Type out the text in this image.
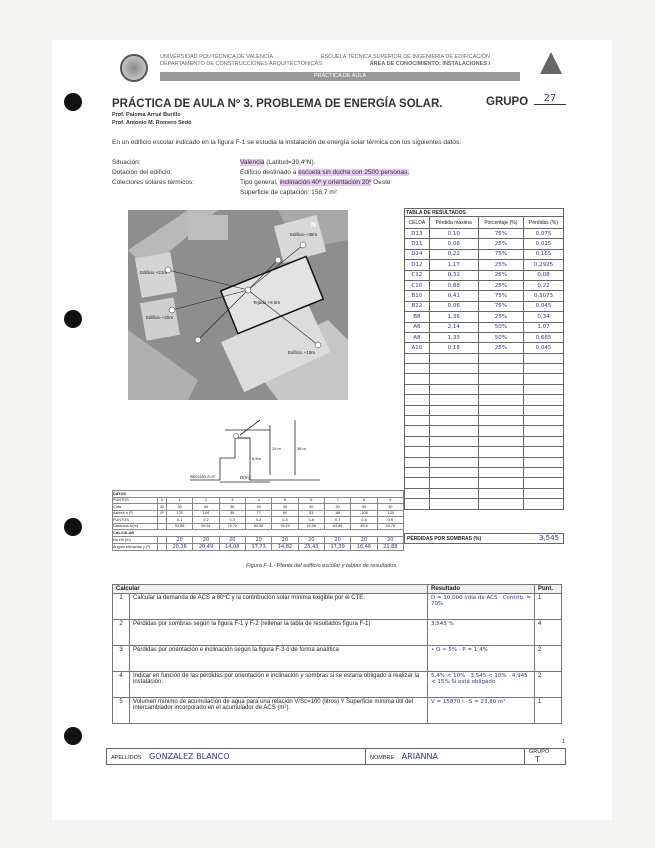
UNIVERSIDAD POLITÉCNICA DE VALENCIA
DEPARTAMENTO DE CONSTRUCCIONES ARQUITECTÓNICAS
ESCUELA TÉCNICA SUPERIOR DE INGENIERÍA DE EDIFICACIÓN
ÁREA DE CONOCIMIENTO: INSTALACIONES I
PRÁCTICA DE AULA
PRÁCTICA DE AULA Nº 3. PROBLEMA DE ENERGÍA SOLAR.	GRUPO	27
Prof. Paloma Arrué Burillo
Prof. Antonio M. Romero Sedó
En un edificio escolar indicado en la figura F-1 se estudia la instalación de energía solar térmica con los siguientes datos:
Situación:	Valencia (Latitud=39,4ºN).
Dotación del edificio:	Edificio destinado a escuela sin ducha con 2500 personas.
Colectores solares térmicos:	Tipo general, inclinación 40º y orientación 20º Oeste
Superficie de captación: 158,7 m²
N
Edificio +21m
Edificio +20m
Edificio +38m
Edificio +19m
Tejado +8,5m
Sección A-A'	D(m)
8,5m
19 m	38 m
TABLA DE RESULTADOS			
CELDA	Pérdida máxima	Porcentaje (%)	Pérdidas (%)
D13	0,10	75%	0,075
D11	0,06	25%	0,015
D14	0,22	75%	0,165
D12	1,17	25%	0,2925
C12	0,32	25%	0,08
C10	0,88	25%	0,22
B10	0,41	75%	0,3075
B12	0,06	75%	0,045
B8	1,36	25%	0,34
A6	2,14	50%	1,07
A8	1,33	50%	0,665
A10	0,18	25%	0,045

PÉRDIDAS POR SOMBRAS (%)	3,545
DATOS										
PUNTOS	0	1	2	3	4	5	6	7	8	9
Cota	32	30	30	30	30	30	30	30	30	30
Azimut α (º)	0º	120	104	85	77	60	53	-86	-106	-120
PUNTOS		0-1	0-2	0-3	0-4	0-5	0-6	0-7	0-8	0-9
Distancia D(m)		53,88	59,51	79,72	62,58	78,23	42,08	63,85	45,6	49,78
CALCULAR										
Ha-Hb (m)		20	20	20	20	20	20	20	20	20
Ángulo elevación γ (º)		20,36	20,49	14,08	17,73	14,82	25,43	17,39	16,46	21,88
Figura F-1.- Planta del edificio escolar y tablas de resultados.
Calcular		Resultado	Punt.
1	Calcular la demanda de ACS a 60ºC y la contribución solar mínima exigible por el CTE.	D = 10.000 l/día de ACS · Contrib. = 70%	1
2	Pérdidas por sombras según la figura F-1 y F-2 (rellenar la tabla de resultados figura F-1)	3,545 %	4
3	Pérdidas por orientación e inclinación según la figura F-3 ó de forma analítica	• O ≈ 5% · P = 1,4%	2
4	Indicar en función de las pérdidas por orientación e inclinación y sombras si se estaría obligado a realizar la instalación.	5,4% < 10% · 3,545 < 10% · 4,945 < 15% Sí está obligado	2
5	Volumen mínimo de acumulación de agua para una relación V/Sc=100 (litros) Y Superficie mínima útil del intercambiador incorporado en el acumulador de ACS (m²).	V = 15870 l · S = 23,80 m²	1
1
APELLIDOS GONZALEZ BLANCO	NOMBRE ARIANNA	GRUPO T
